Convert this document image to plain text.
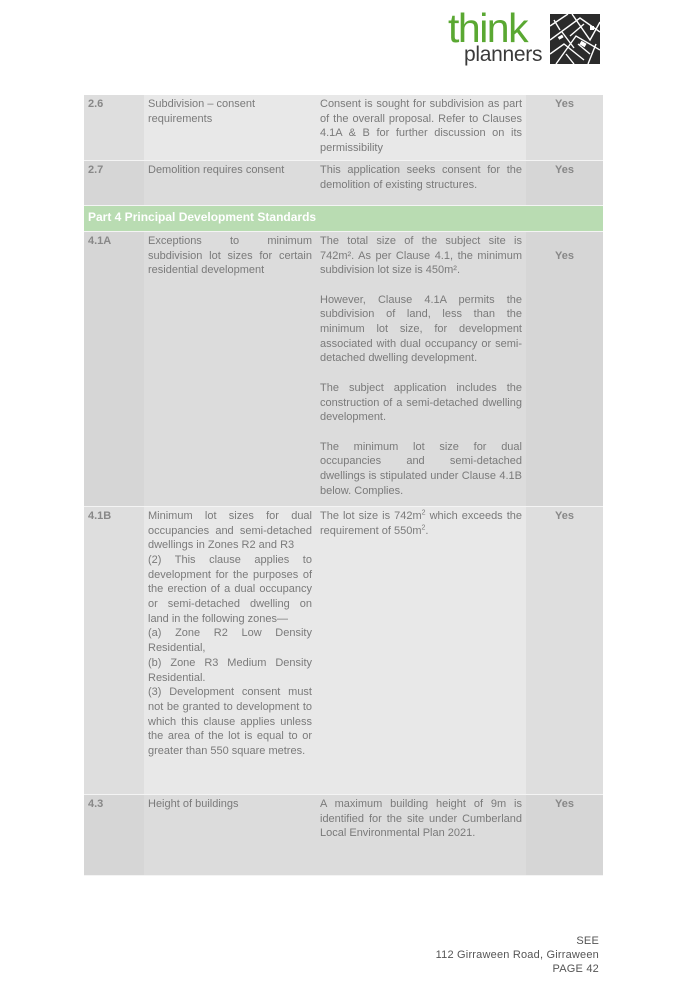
think
planners
2.6	Subdivision – consent requirements	Consent is sought for subdivision as part of the overall proposal. Refer to Clauses 4.1A & B for further discussion on its permissibility	Yes
2.7	Demolition requires consent	This application seeks consent for the demolition of existing structures.	Yes
Part 4 Principal Development Standards			
4.1A	Exceptions to minimum subdivision lot sizes for certain residential development	The total size of the subject site is 742m². As per Clause 4.1, the minimum subdivision lot size is 450m².
However, Clause 4.1A permits the subdivision of land, less than the minimum lot size, for development associated with dual occupancy or semi-detached dwelling development.
The subject application includes the construction of a semi-detached dwelling development.
The minimum lot size for dual occupancies and semi-detached dwellings is stipulated under Clause 4.1B below. Complies.	Yes
4.1B	Minimum lot sizes for dual occupancies and semi-detached dwellings in Zones R2 and R3
(2) This clause applies to development for the purposes of the erection of a dual occupancy or semi-detached dwelling on land in the following zones—
(a) Zone R2 Low Density Residential,
(b) Zone R3 Medium Density Residential.
(3) Development consent must not be granted to development to which this clause applies unless the area of the lot is equal to or greater than 550 square metres.	The lot size is $742m^2$ which exceeds the requirement of $550m^2$.	Yes
4.3	Height of buildings	A maximum building height of 9m is identified for the site under Cumberland Local Environmental Plan 2021.	Yes
SEE
112 Girraween Road, Girraween
PAGE 42
